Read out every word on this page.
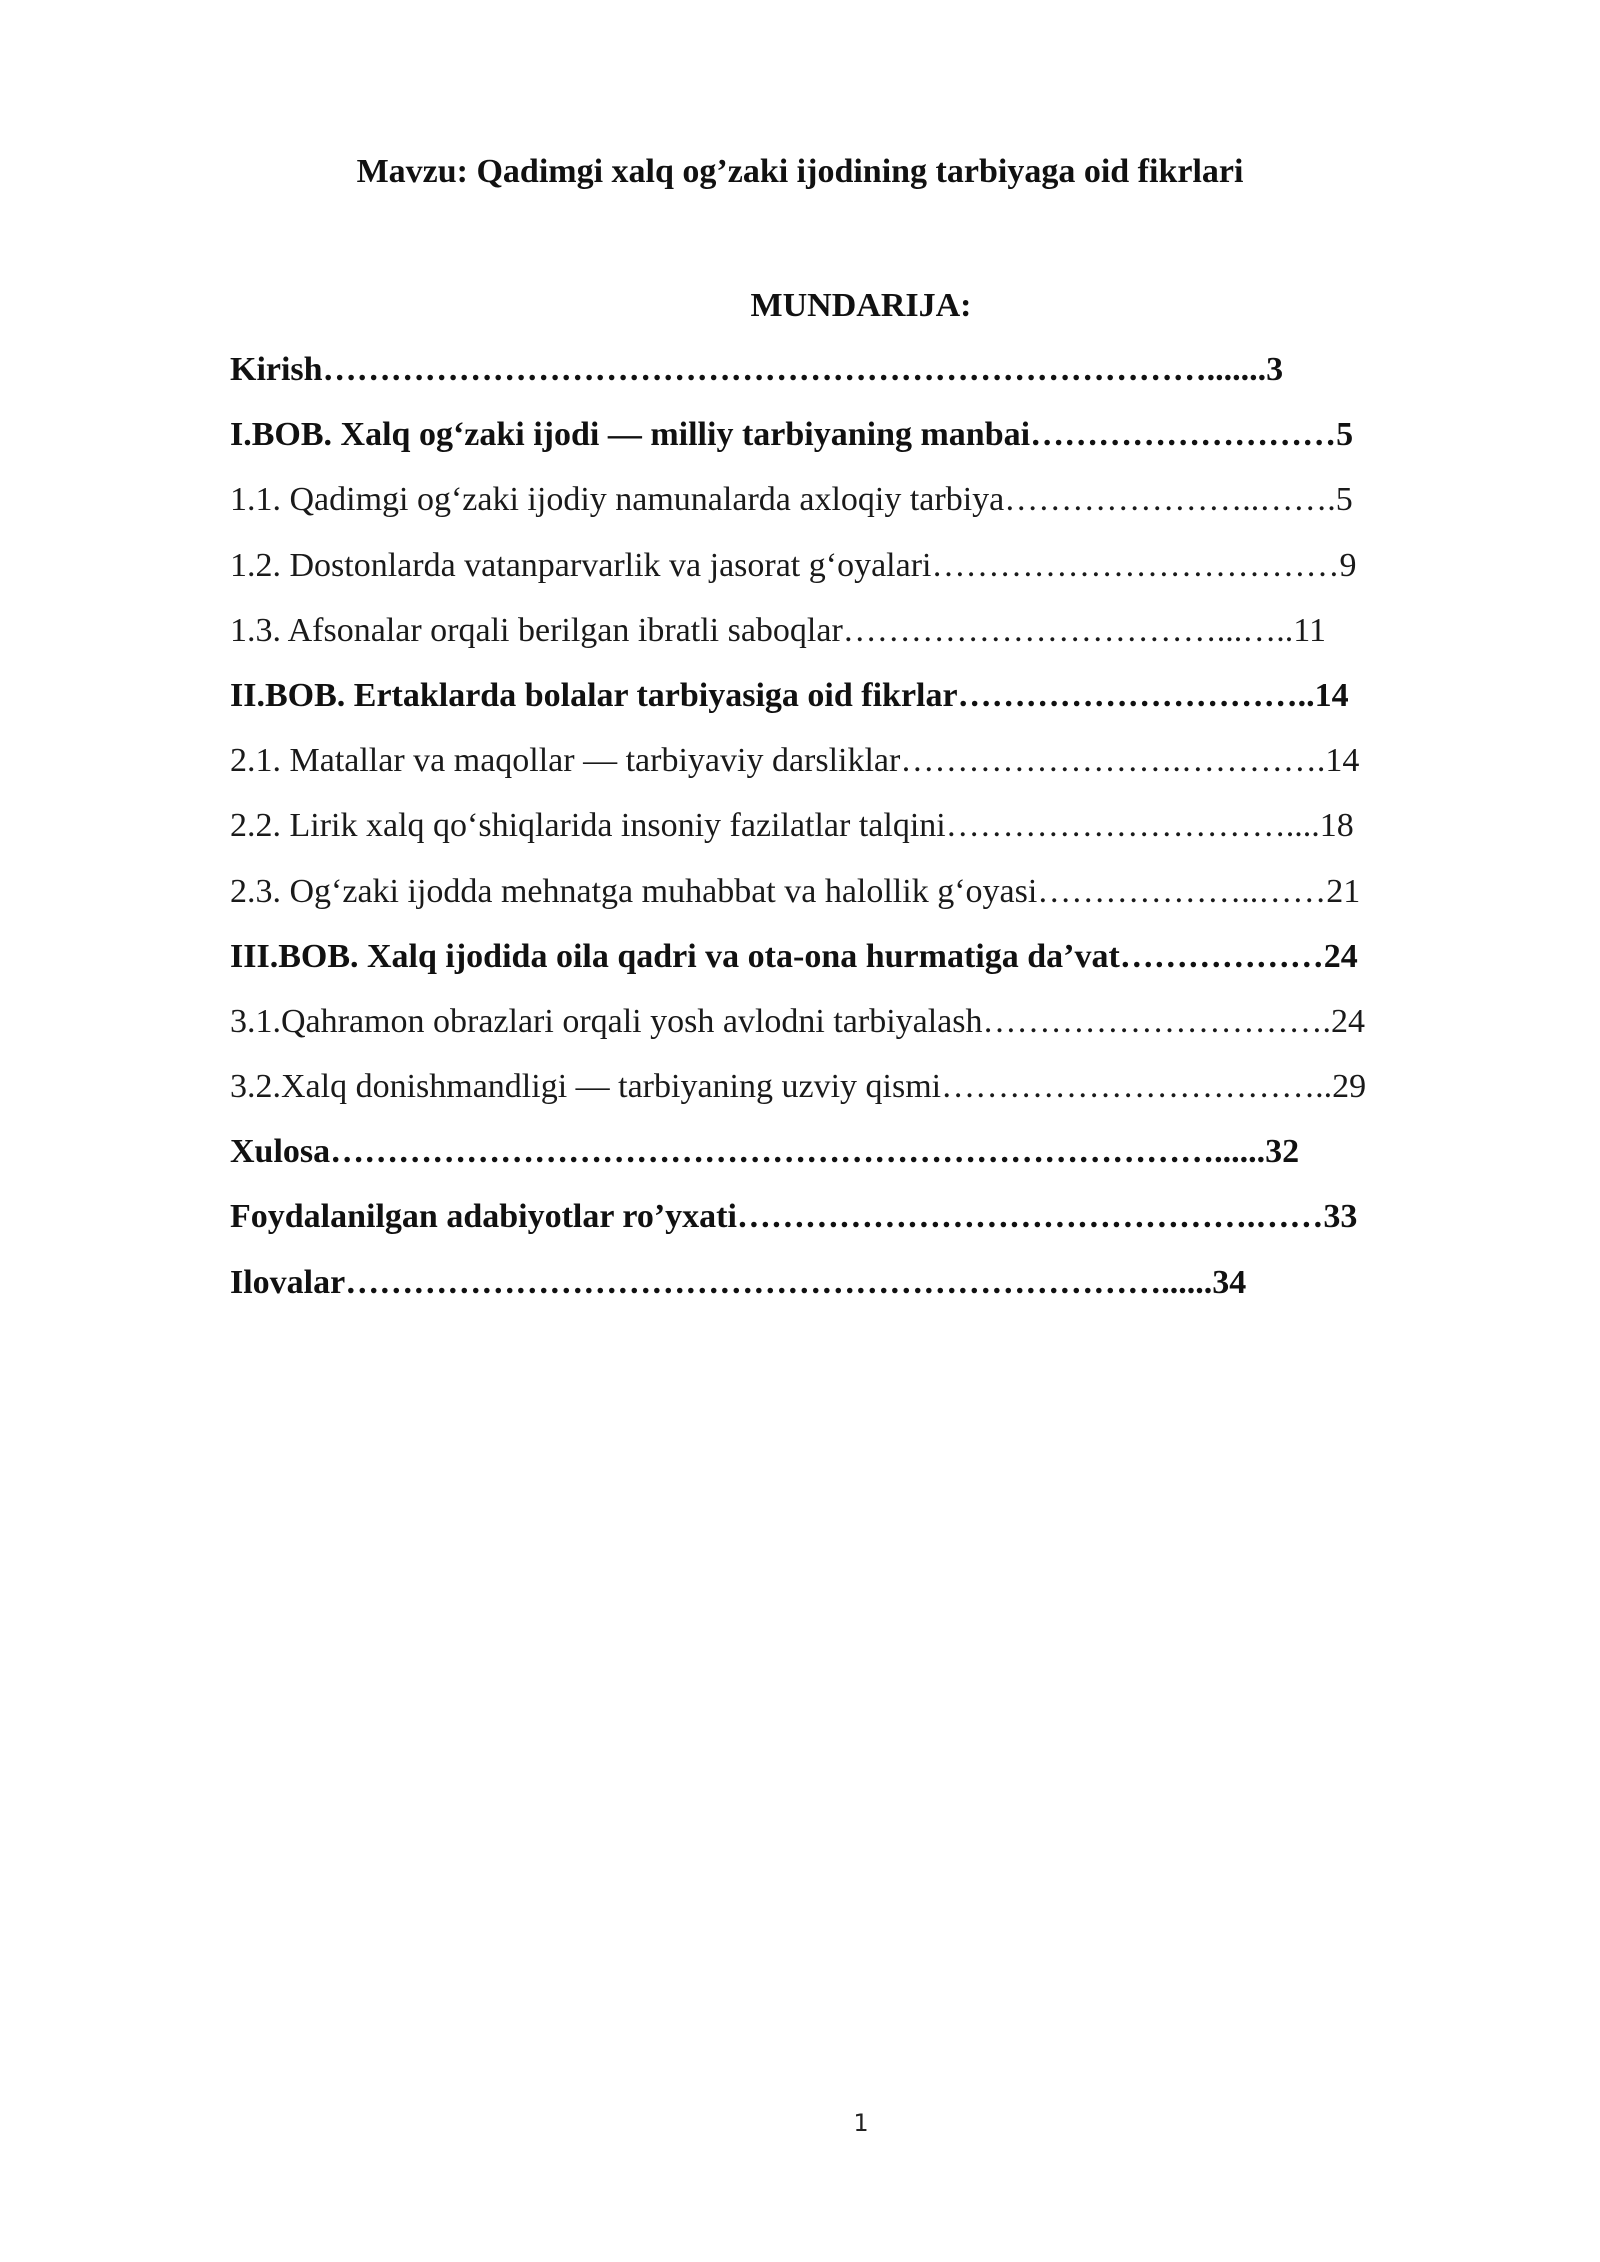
Mavzu: Qadimgi xalq og’zaki ijodining tarbiyaga oid fikrlari
MUNDARIJA:
Kirish…………………………………………………………………….......3
I.BOB. Xalq og‘zaki ijodi — milliy tarbiyaning manbai………………………5
1.1. Qadimgi og‘zaki ijodiy namunalarda axloqiy tarbiya…………………..…….5
1.2. Dostonlarda vatanparvarlik va jasorat g‘oyalari………………………………9
1.3. Afsonalar orqali berilgan ibratli saboqlar……………………………...…..11
II.BOB. Ertaklarda bolalar tarbiyasiga oid fikrlar…………………………..14
2.1. Matallar va maqollar — tarbiyaviy darsliklar…………………….………….14
2.2. Lirik xalq qo‘shiqlarida insoniy fazilatlar talqini…………………………....18
2.3. Og‘zaki ijodda mehnatga muhabbat va halollik g‘oyasi………………..……21
III.BOB. Xalq ijodida oila qadri va ota-ona hurmatiga da’vat………………24
3.1.Qahramon obrazlari orqali yosh avlodni tarbiyalash………………………….24
3.2.Xalq donishmandligi — tarbiyaning uzviy qismi……………………………..29
Xulosa……………………………………………………………………......32
Foydalanilgan adabiyotlar ro’yxati……………………………………….……33
Ilovalar………………………………………………………………......34
1
